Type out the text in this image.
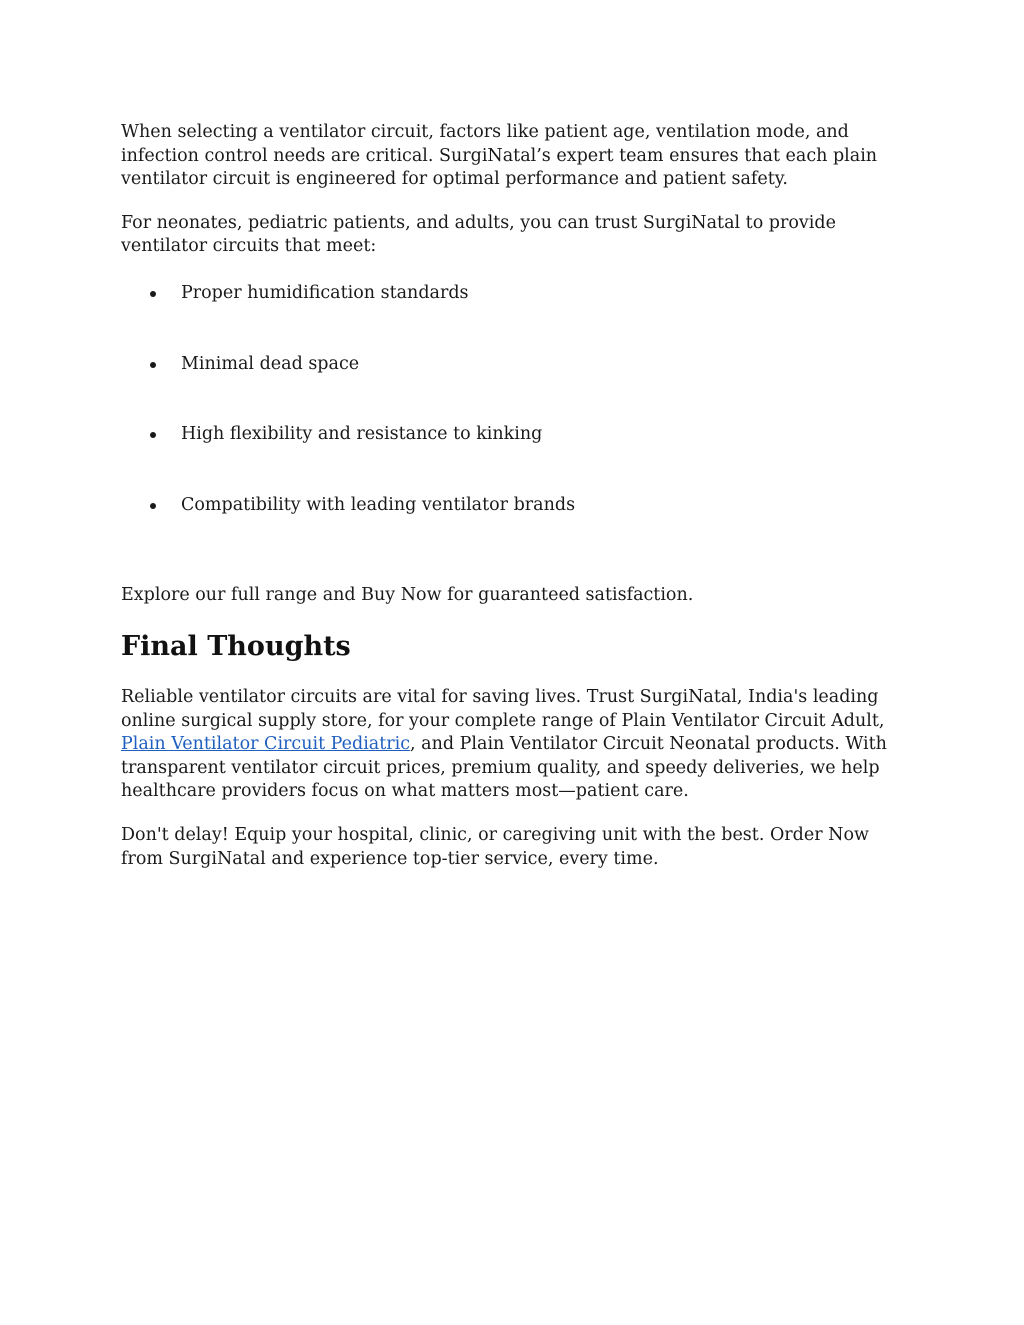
When selecting a ventilator circuit, factors like patient age, ventilation mode, and infection control needs are critical. SurgiNatal’s expert team ensures that each plain ventilator circuit is engineered for optimal performance and patient safety.

For neonates, pediatric patients, and adults, you can trust SurgiNatal to provide ventilator circuits that meet:

Proper humidification standards
Minimal dead space
High flexibility and resistance to kinking
Compatibility with leading ventilator brands

Explore our full range and Buy Now for guaranteed satisfaction.

Final Thoughts

Reliable ventilator circuits are vital for saving lives. Trust SurgiNatal, India's leading online surgical supply store, for your complete range of Plain Ventilator Circuit Adult, Plain Ventilator Circuit Pediatric, and Plain Ventilator Circuit Neonatal products. With transparent ventilator circuit prices, premium quality, and speedy deliveries, we help healthcare providers focus on what matters most—patient care.

Don't delay! Equip your hospital, clinic, or caregiving unit with the best. Order Now from SurgiNatal and experience top-tier service, every time.
